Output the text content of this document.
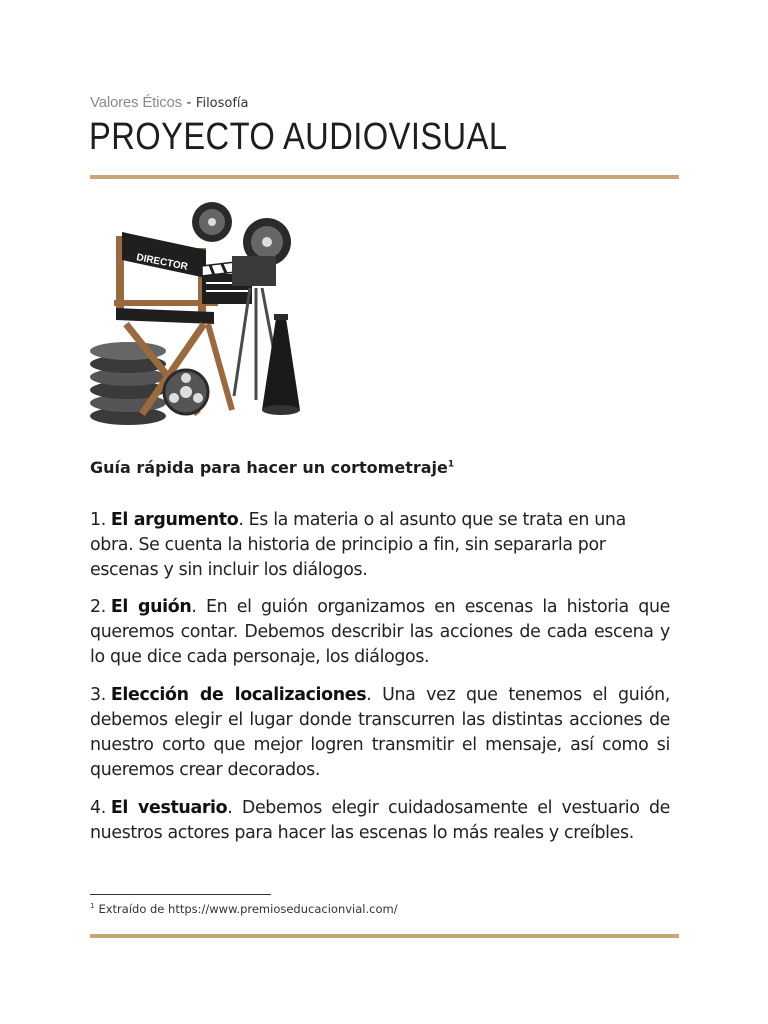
Valores Éticos - Filosofía
PROYECTO AUDIOVISUAL
DIRECTOR
Guía rápida para hacer un cortometraje$^1$

1. El argumento. Es la materia o al asunto que se trata en una obra. Se cuenta la historia de principio a fin, sin separarla por escenas y sin incluir los diálogos.

2. El guión. En el guión organizamos en escenas la historia que queremos contar. Debemos describir las acciones de cada escena y lo que dice cada personaje, los diálogos.

3. Elección de localizaciones. Una vez que tenemos el guión, debemos elegir el lugar donde transcurren las distintas acciones de nuestro corto que mejor logren transmitir el mensaje, así como si queremos crear decorados.

4. El vestuario. Debemos elegir cuidadosamente el vestuario de nuestros actores para hacer las escenas lo más reales y creíbles.

$^1$ Extraído de https://www.premioseducacionvial.com/
